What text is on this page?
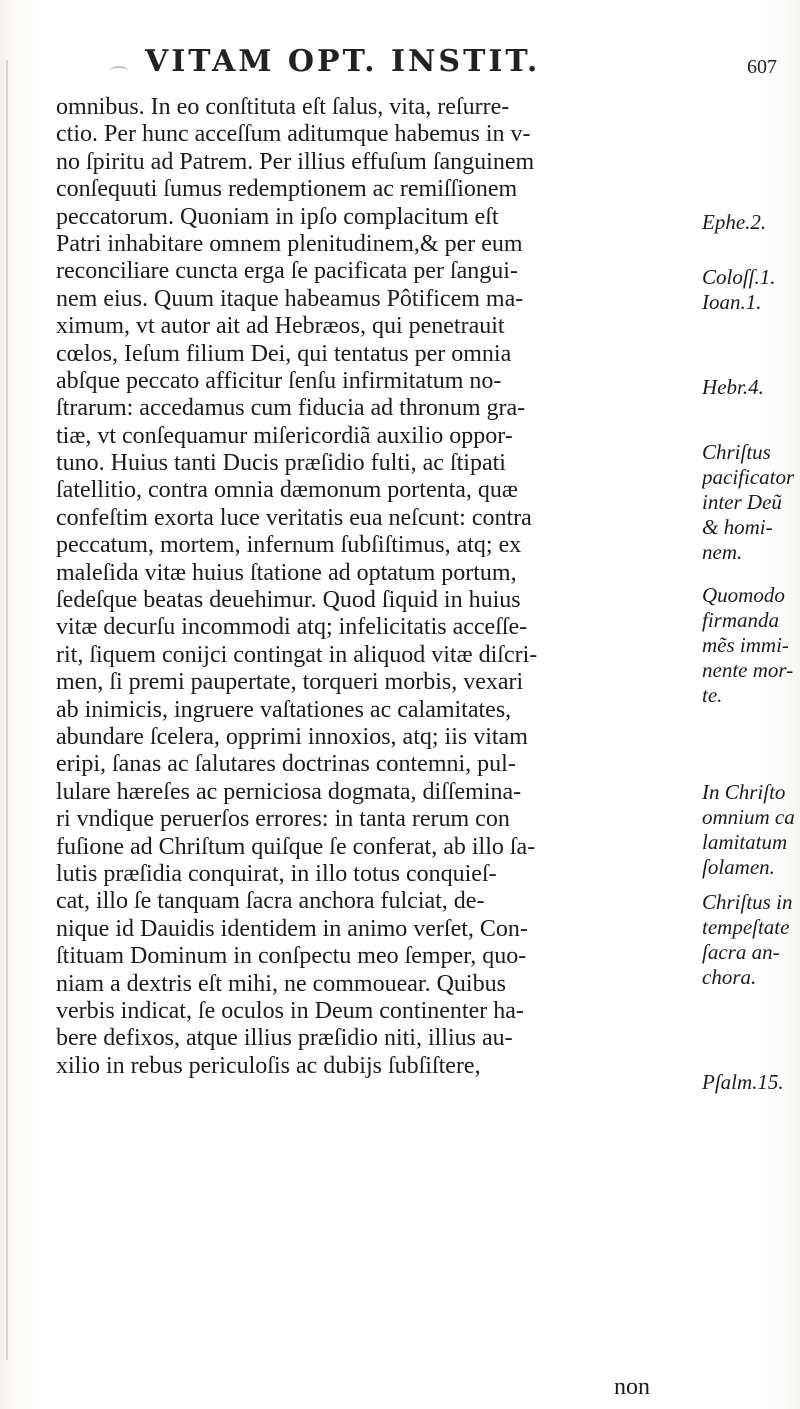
⌒ VITAM OPT. INSTIT.	607
omnibus. In eo conſtituta eſt ſalus, vita, reſurre-
ctio. Per hunc acceſſum aditumque habemus in v-
no ſpiritu ad Patrem. Per illius effuſum ſanguinem
conſequuti ſumus redemptionem ac remiſſionem
peccatorum. Quoniam in ipſo complacitum eſt
Patri inhabitare omnem plenitudinem,& per eum
reconciliare cuncta erga ſe pacificata per ſangui-
nem eius. Quum itaque habeamus Pôtificem ma-
ximum, vt autor ait ad Hebræos, qui penetrauit
cœlos, Ieſum filium Dei, qui tentatus per omnia
abſque peccato afficitur ſenſu infirmitatum no-
ſtrarum: accedamus cum fiducia ad thronum gra-
tiæ, vt conſequamur miſericordiã auxilio oppor-
tuno. Huius tanti Ducis præſidio fulti, ac ſtipati
ſatellitio, contra omnia dæmonum portenta, quæ
confeſtim exorta luce veritatis eua neſcunt: contra
peccatum, mortem, infernum ſubſiſtimus, atq; ex
maleſida vitæ huius ſtatione ad optatum portum,
ſedeſque beatas deuehimur. Quod ſiquid in huius
vitæ decurſu incommodi atq; infelicitatis acceſſe-
rit, ſiquem conijci contingat in aliquod vitæ diſcri-
men, ſi premi paupertate, torqueri morbis, vexari
ab inimicis, ingruere vaſtationes ac calamitates,
abundare ſcelera, opprimi innoxios, atq; iis vitam
eripi, ſanas ac ſalutares doctrinas contemni, pul-
lulare hæreſes ac perniciosa dogmata, diſſemina-
ri vndique peruerſos errores: in tanta rerum con
fuſione ad Chriſtum quiſque ſe conferat, ab illo ſa-
lutis præſidia conquirat, in illo totus conquieſ-
cat, illo ſe tanquam ſacra anchora fulciat, de-
nique id Dauidis identidem in animo verſet, Con-
ſtituam Dominum in conſpectu meo ſemper, quo-
niam a dextris eſt mihi, ne commouear. Quibus
verbis indicat, ſe oculos in Deum continenter ha-
bere defixos, atque illius præſidio niti, illius au-
xilio in rebus periculoſis ac dubijs ſubſiſtere,
Ephe.2.
Coloſſ.1.
Ioan.1.
Hebr.4.
Chriſtus
pacificator
inter Deũ
& homi-
nem.
Quomodo
firmanda
mẽs immi-
nente mor-
te.
In Chriſto
omnium ca
lamitatum
ſolamen.
Chriſtus in
tempeſtate
ſacra an-
chora.
Pſalm.15.
non
